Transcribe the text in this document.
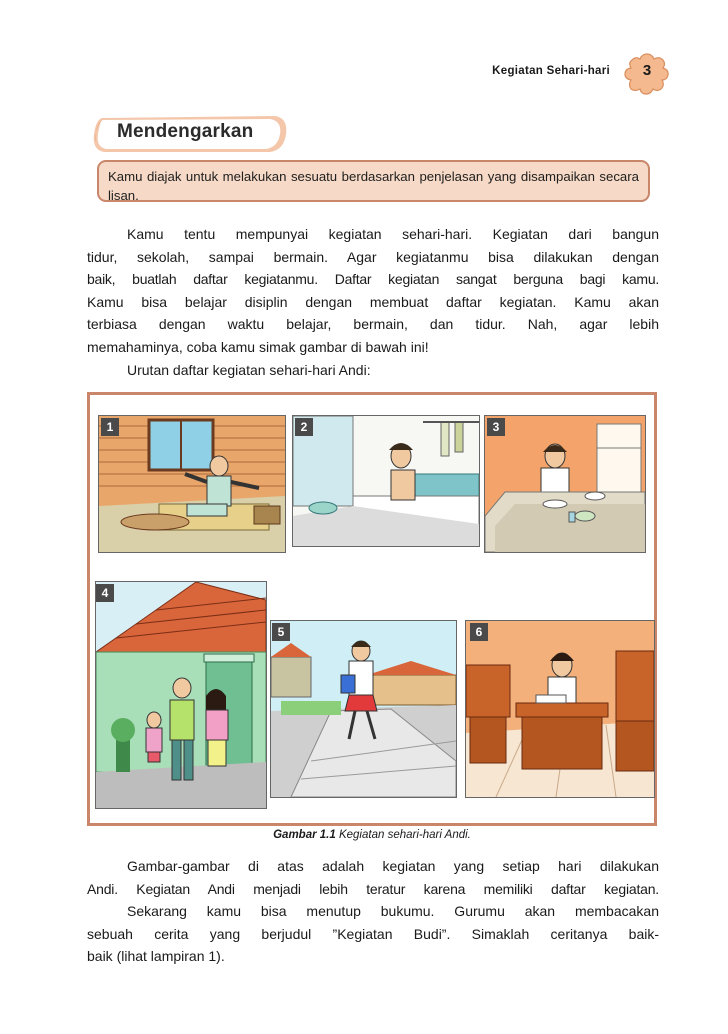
Kegiatan Sehari-hari	3
Mendengarkan
Kamu diajak untuk melakukan sesuatu berdasarkan penjelasan yang disampaikan secara lisan.

Kamu tentu mempunyai kegiatan sehari-hari. Kegiatan dari bangun

tidur, sekolah, sampai bermain. Agar kegiatanmu bisa dilakukan dengan

baik, buatlah daftar kegiatanmu. Daftar kegiatan sangat berguna bagi kamu.

Kamu bisa belajar disiplin dengan membuat daftar kegiatan. Kamu akan

terbiasa dengan waktu belajar, bermain, dan tidur. Nah, agar lebih

memahaminya, coba kamu simak gambar di bawah ini!

Urutan daftar kegiatan sehari-hari Andi:

1	2	3
4
5	6
Gambar 1.1 Kegiatan sehari-hari Andi.

Gambar-gambar di atas adalah kegiatan yang setiap hari dilakukan

Andi. Kegiatan Andi menjadi lebih teratur karena memiliki daftar kegiatan.

Sekarang kamu bisa menutup bukumu. Gurumu akan membacakan

sebuah cerita yang berjudul ”Kegiatan Budi”. Simaklah ceritanya baik-

baik (lihat lampiran 1).
